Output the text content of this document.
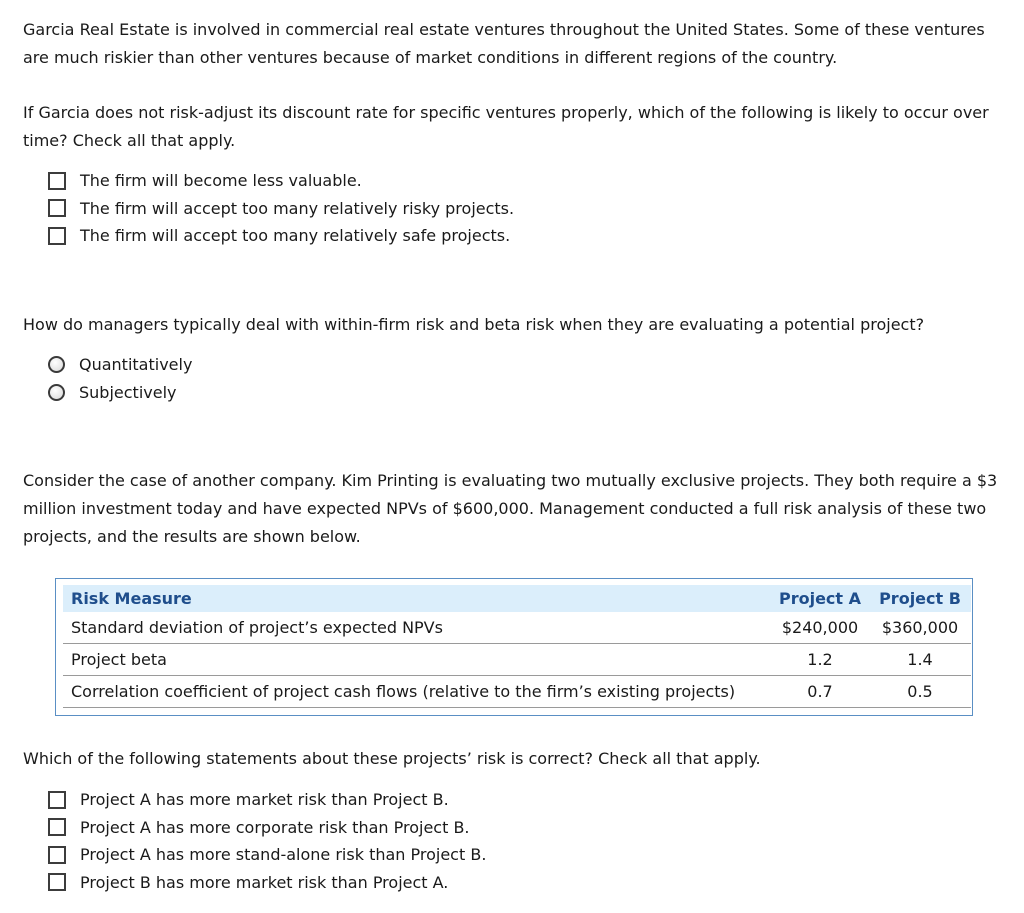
Garcia Real Estate is involved in commercial real estate ventures throughout the United States. Some of these ventures are much riskier than other ventures because of market conditions in different regions of the country.

If Garcia does not risk-adjust its discount rate for specific ventures properly, which of the following is likely to occur over time? Check all that apply.

The firm will become less valuable.
The firm will accept too many relatively risky projects.
The firm will accept too many relatively safe projects.

How do managers typically deal with within-firm risk and beta risk when they are evaluating a potential project?

Quantitatively
Subjectively

Consider the case of another company. Kim Printing is evaluating two mutually exclusive projects. They both require a $3 million investment today and have expected NPVs of $600,000. Management conducted a full risk analysis of these two projects, and the results are shown below.

Risk Measure	Project A	Project B
Standard deviation of project’s expected NPVs	$240,000	$360,000
Project beta	1.2	1.4
Correlation coefficient of project cash flows (relative to the firm’s existing projects)	0.7	0.5

Which of the following statements about these projects’ risk is correct? Check all that apply.

Project A has more market risk than Project B.
Project A has more corporate risk than Project B.
Project A has more stand-alone risk than Project B.
Project B has more market risk than Project A.
